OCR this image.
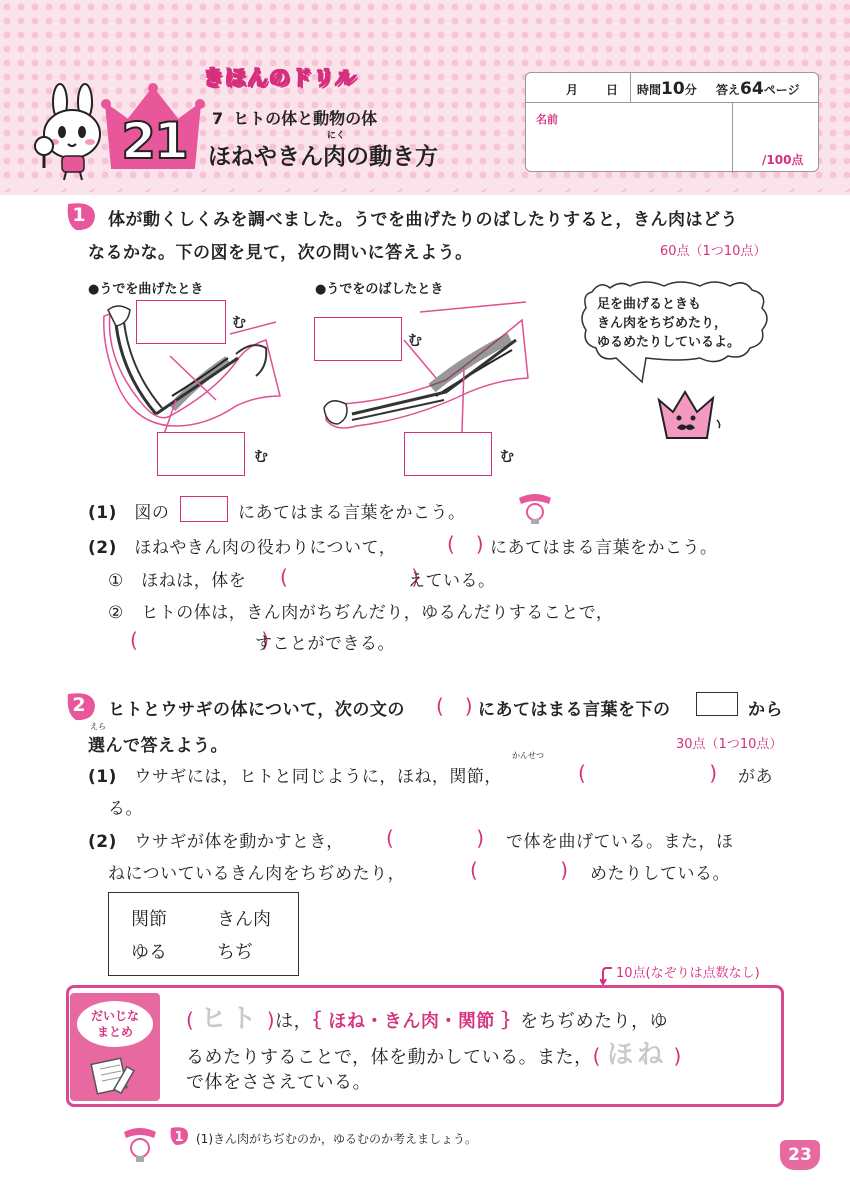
きほんのドリル
21	7 ヒトの体と動物の体
にく
ほねやきん肉の動き方
月 日 時間10分 答え64ページ
名前
/100点
1	体が動くしくみを調べました。うでを曲げたりのばしたりすると，きん肉はどう
なるかな。下の図を見て，次の問いに答えよう。	60点（1つ10点）
●うでを曲げたとき	●うでをのばしたとき
む
む
む
む
足を曲げるときも
きん肉をちぢめたり，
ゆるめたりしているよ。
(1)　 図の	にあてはまる言葉をかこう。
(2)　 ほねやきん肉の役わりについて，	(　) にあてはまる言葉をかこう。
①　 ほねは，体を (　　　　　　)
えている。
②　 ヒトの体は，きん肉がちぢんだり，ゆるんだりすることで，
(　　　　　　)
すことができる。
2	ヒトとウサギの体について，次の文の (　) にあてはまる言葉を下の	から
えら
選んで答えよう。	30点（1つ10点）
(1)　 ウサギには，ヒトと同じように，ほね，関節，
かんせつ
(　　　　　　) があ
る。
(2)　 ウサギが体を動かすとき， (　　　　) で体を曲げている。また，ほ
ねについているきん肉をちぢめたり，	(　　　　) めたりしている。
関節	きん肉
ゆる	ちぢ
10点(なぞりは点数なし)
だいじな
まとめ	( ヒト )は，｛ ほね・きん肉・関節 ｝をちぢめたり，ゆ
るめたりすることで，体を動かしている。また，( ほね )
で体をささえている。
1 (1)きん肉がちぢむのか，ゆるむのか考えましょう。
23
